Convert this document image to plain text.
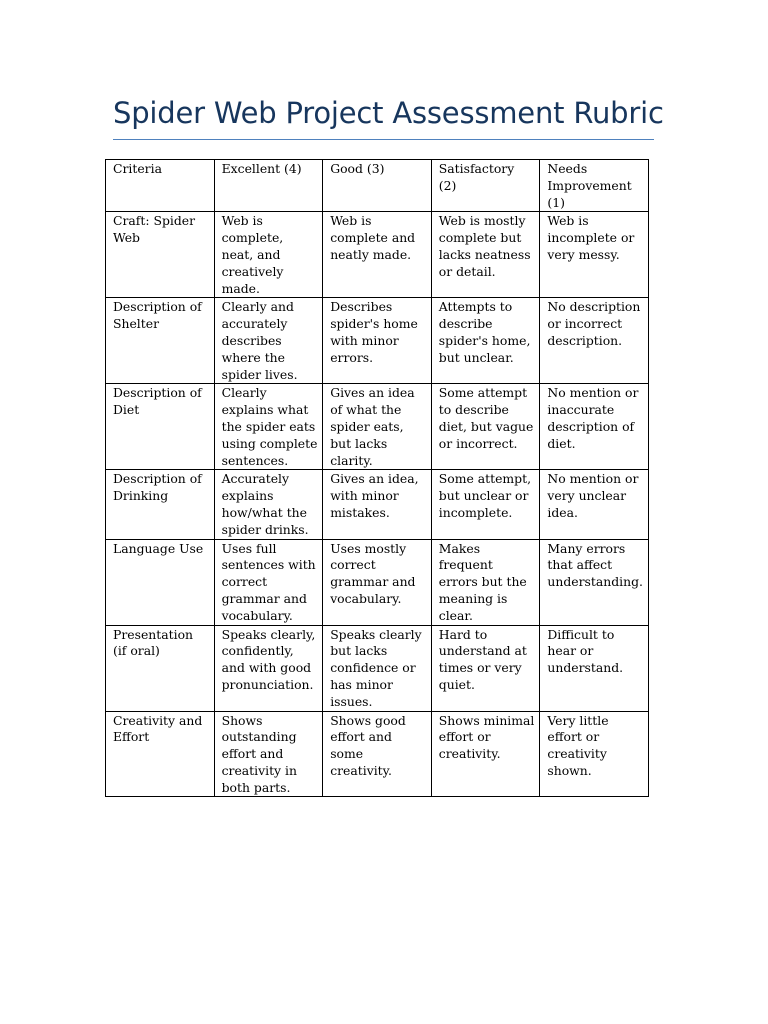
Spider Web Project Assessment Rubric
Criteria	Excellent (4)	Good (3)	Satisfactory (2)	Needs Improvement (1)
Craft: Spider Web	Web is complete, neat, and creatively made.	Web is complete and neatly made.	Web is mostly complete but lacks neatness or detail.	Web is incomplete or very messy.
Description of Shelter	Clearly and accurately describes where the spider lives.	Describes spider's home with minor errors.	Attempts to describe spider's home, but unclear.	No description or incorrect description.
Description of Diet	Clearly explains what the spider eats using complete sentences.	Gives an idea of what the spider eats, but lacks clarity.	Some attempt to describe diet, but vague or incorrect.	No mention or inaccurate description of diet.
Description of Drinking	Accurately explains how/what the spider drinks.	Gives an idea, with minor mistakes.	Some attempt, but unclear or incomplete.	No mention or very unclear idea.
Language Use	Uses full sentences with correct grammar and vocabulary.	Uses mostly correct grammar and vocabulary.	Makes frequent errors but the meaning is clear.	Many errors that affect understanding.
Presentation (if oral)	Speaks clearly, confidently, and with good pronunciation.	Speaks clearly but lacks confidence or has minor issues.	Hard to understand at times or very quiet.	Difficult to hear or understand.
Creativity and Effort	Shows outstanding effort and creativity in both parts.	Shows good effort and some creativity.	Shows minimal effort or creativity.	Very little effort or creativity shown.
